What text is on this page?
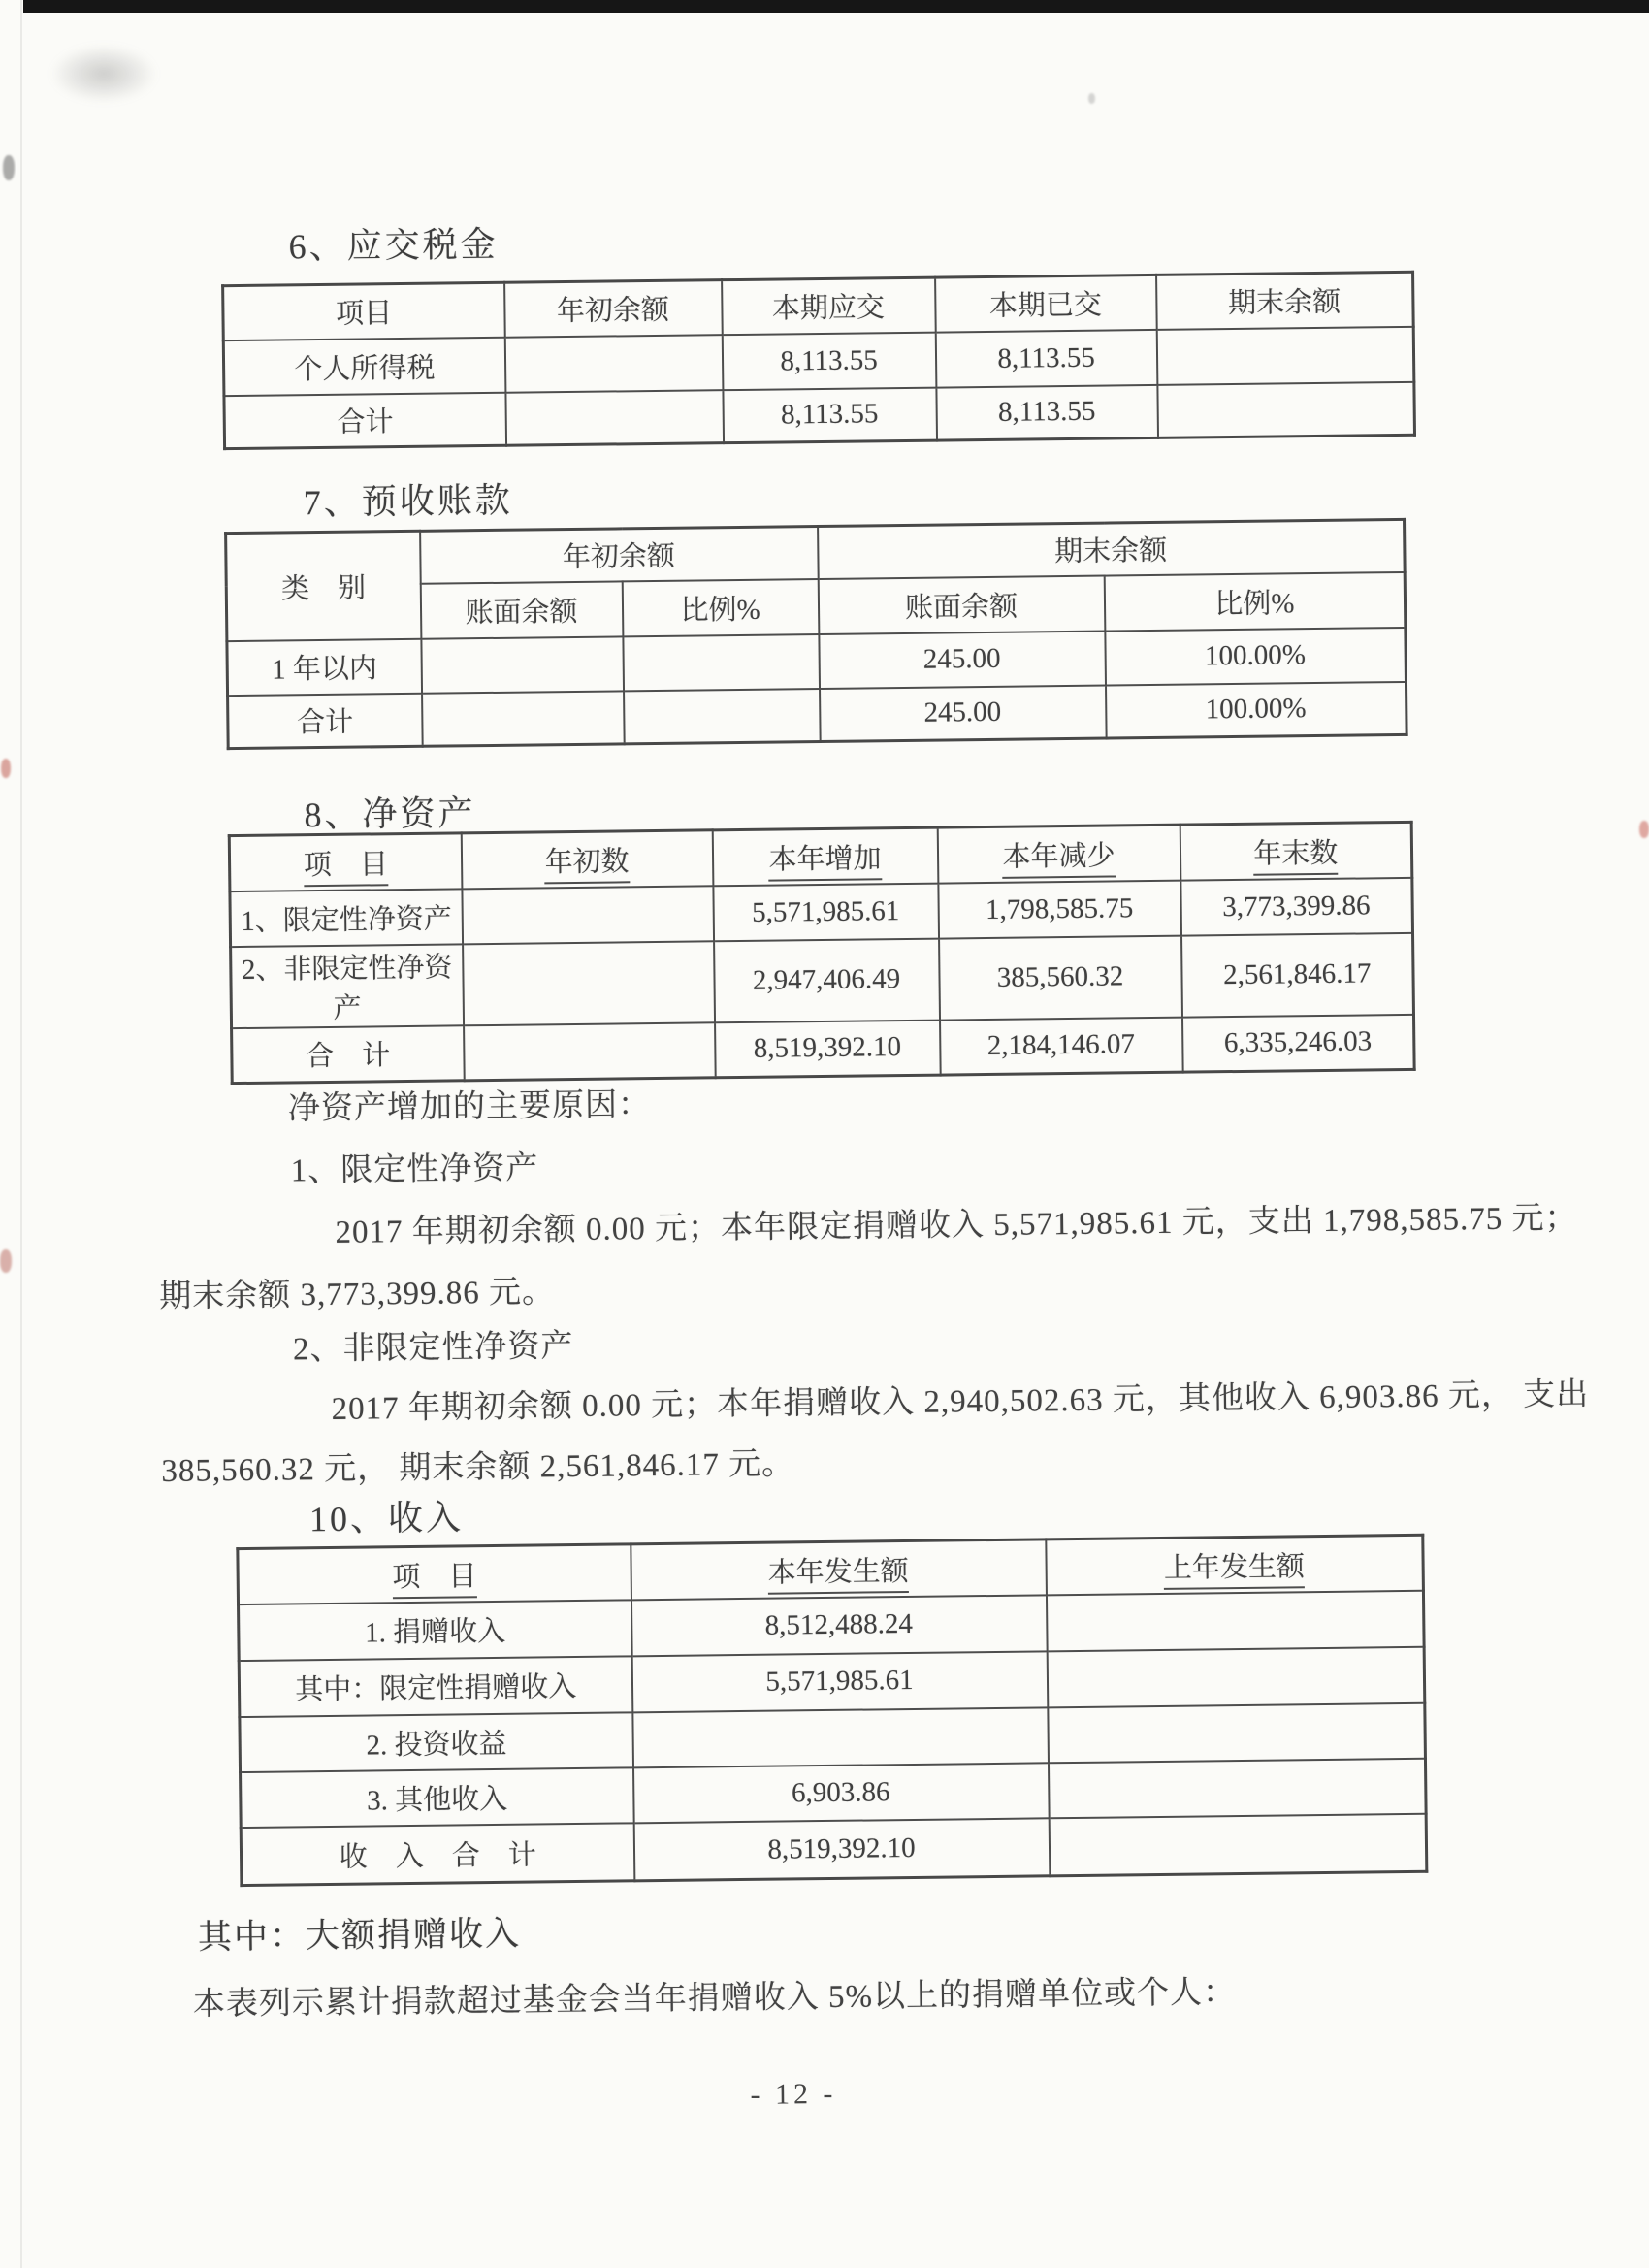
6、应交税金
项目	年初余额	本期应交	本期已交	期末余额
个人所得税		8,113.55	8,113.55	
合计		8,113.55	8,113.55	
7、预收账款
类　别	年初余额		期末余额	
	账面余额	比例%	账面余额	比例%
1 年以内			245.00	100.00%
合计			245.00	100.00%
8、净资产
项　目	年初数	本年增加	本年减少	年末数
1、限定性净资产		5,571,985.61	1,798,585.75	3,773,399.86
2、非限定性净资产		2,947,406.49	385,560.32	2,561,846.17
合　计		8,519,392.10	2,184,146.07	6,335,246.03
净资产增加的主要原因：
1、限定性净资产
2017 年期初余额 0.00 元；本年限定捐赠收入 5,571,985.61 元，支出 1,798,585.75 元；
期末余额 3,773,399.86 元。
2、非限定性净资产
2017 年期初余额 0.00 元；本年捐赠收入 2,940,502.63 元，其他收入 6,903.86 元， 支出
385,560.32 元， 期末余额 2,561,846.17 元。
10、收入
项　目	本年发生额	上年发生额
1. 捐赠收入	8,512,488.24	
其中：限定性捐赠收入	5,571,985.61	
2. 投资收益		
3. 其他收入	6,903.86	
收　入　合　计	8,519,392.10	
其中：大额捐赠收入
本表列示累计捐款超过基金会当年捐赠收入 5%以上的捐赠单位或个人：
- 12 -
